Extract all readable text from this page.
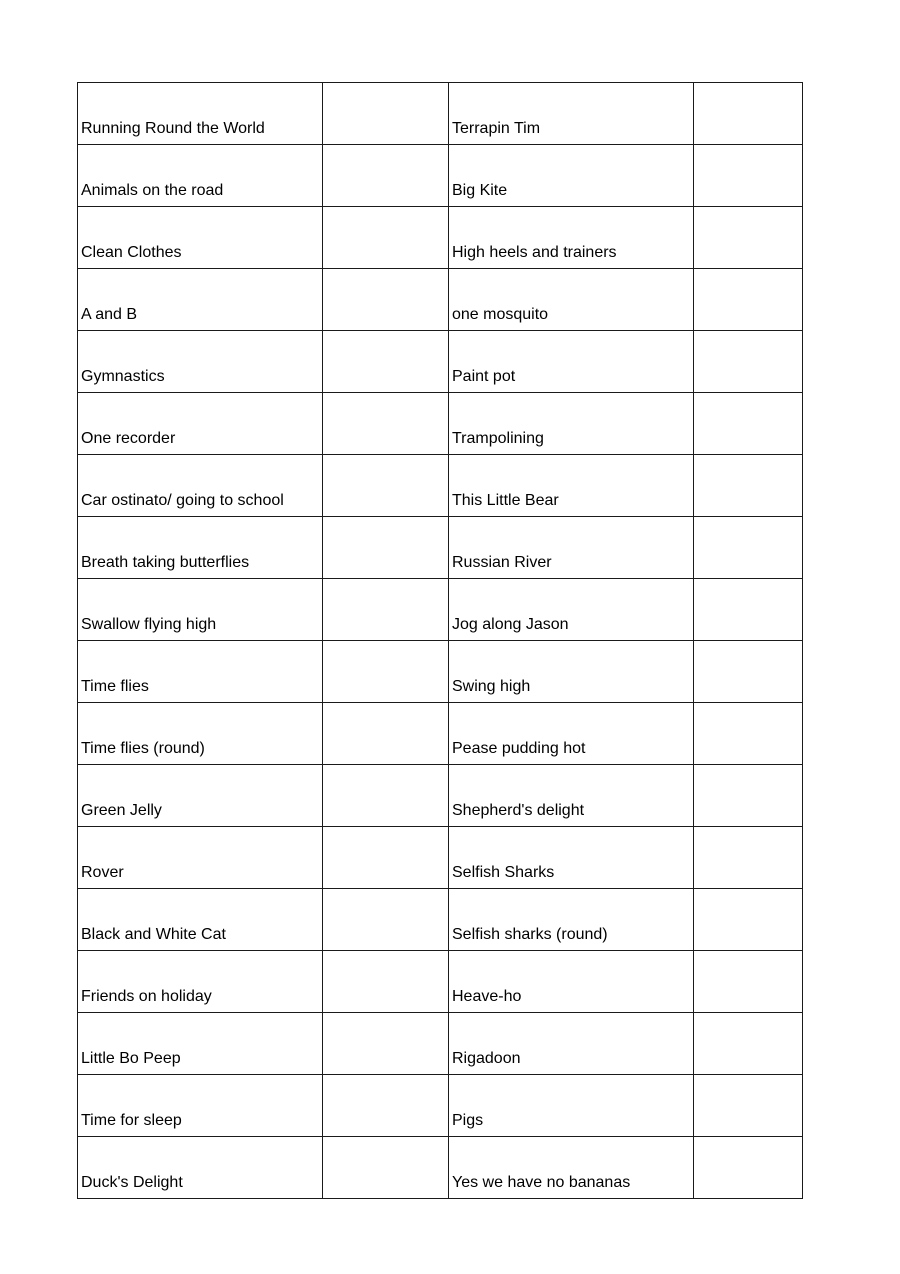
Running Round the World		Terrapin Tim	
Animals on the road		Big Kite	
Clean Clothes		High heels and trainers	
A and B		one mosquito	
Gymnastics		Paint pot	
One recorder		Trampolining	
Car ostinato/ going to school		This Little Bear	
Breath taking butterflies		Russian River	
Swallow flying high		Jog along Jason	
Time flies		Swing high	
Time flies (round)		Pease pudding hot	
Green Jelly		Shepherd's delight	
Rover		Selfish Sharks	
Black and White Cat		Selfish sharks (round)	
Friends on holiday		Heave-ho	
Little Bo Peep		Rigadoon	
Time for sleep		Pigs	
Duck's Delight		Yes we have no bananas	
